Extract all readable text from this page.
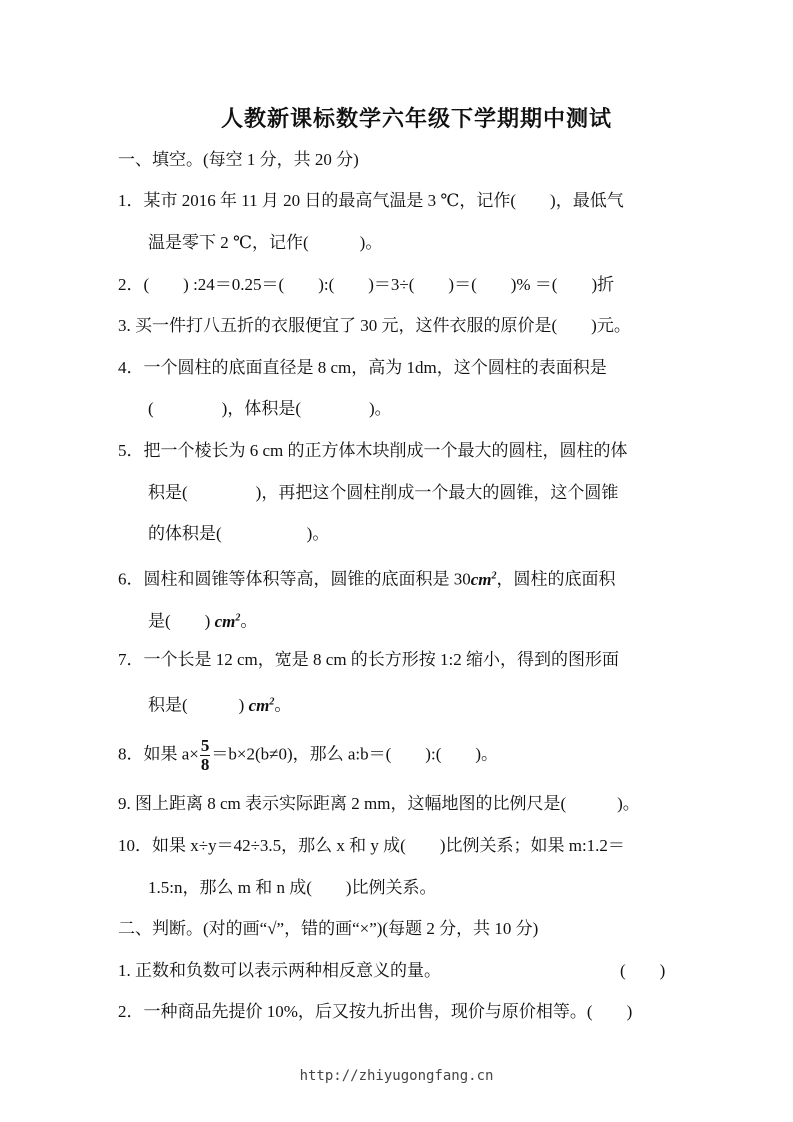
人教新课标数学六年级下学期期中测试
一、填空。(每空 1 分，共 20 分)
1．某市 2016 年 11 月 20 日的最高气温是 3 ℃，记作(　　)，最低气
温是零下 2 ℃，记作(　　　)。
2．(　　) :24＝0.25＝(　　):(　　)＝3÷(　　)＝(　　)% ＝(　　)折
3. 买一件打八五折的衣服便宜了 30 元，这件衣服的原价是(　　)元。
4．一个圆柱的底面直径是 8 cm，高为 1dm，这个圆柱的表面积是
(　　　　)，体积是(　　　　)。
5．把一个棱长为 6 cm 的正方体木块削成一个最大的圆柱，圆柱的体
积是(　　　　)，再把这个圆柱削成一个最大的圆锥，这个圆锥
的体积是(　　　　　)。
6．圆柱和圆锥等体积等高，圆锥的底面积是 $30cm^2$，圆柱的底面积
是(　　) $cm^2$。
7．一个长是 12 cm，宽是 8 cm 的长方形按 1:2 缩小，得到的图形面
积是(　　　) $cm^2$。
8．如果 $a\times \frac{5}{8} =b\times 2(b\ne 0)$，那么 a:b＝(　　):(　　)。
9. 图上距离 8 cm 表示实际距离 2 mm，这幅地图的比例尺是(　　　)。
10．如果 x÷y＝42÷3.5，那么 x 和 y 成(　　)比例关系；如果 m:1.2＝
1.5:n，那么 m 和 n 成(　　)比例关系。
二、判断。(对的画“√”，错的画“×”)(每题 2 分，共 10 分)
1. 正数和负数可以表示两种相反意义的量。	(　　)
2．一种商品先提价 10%，后又按九折出售，现价与原价相等。(　　)
http://zhiyugongfang.cn
